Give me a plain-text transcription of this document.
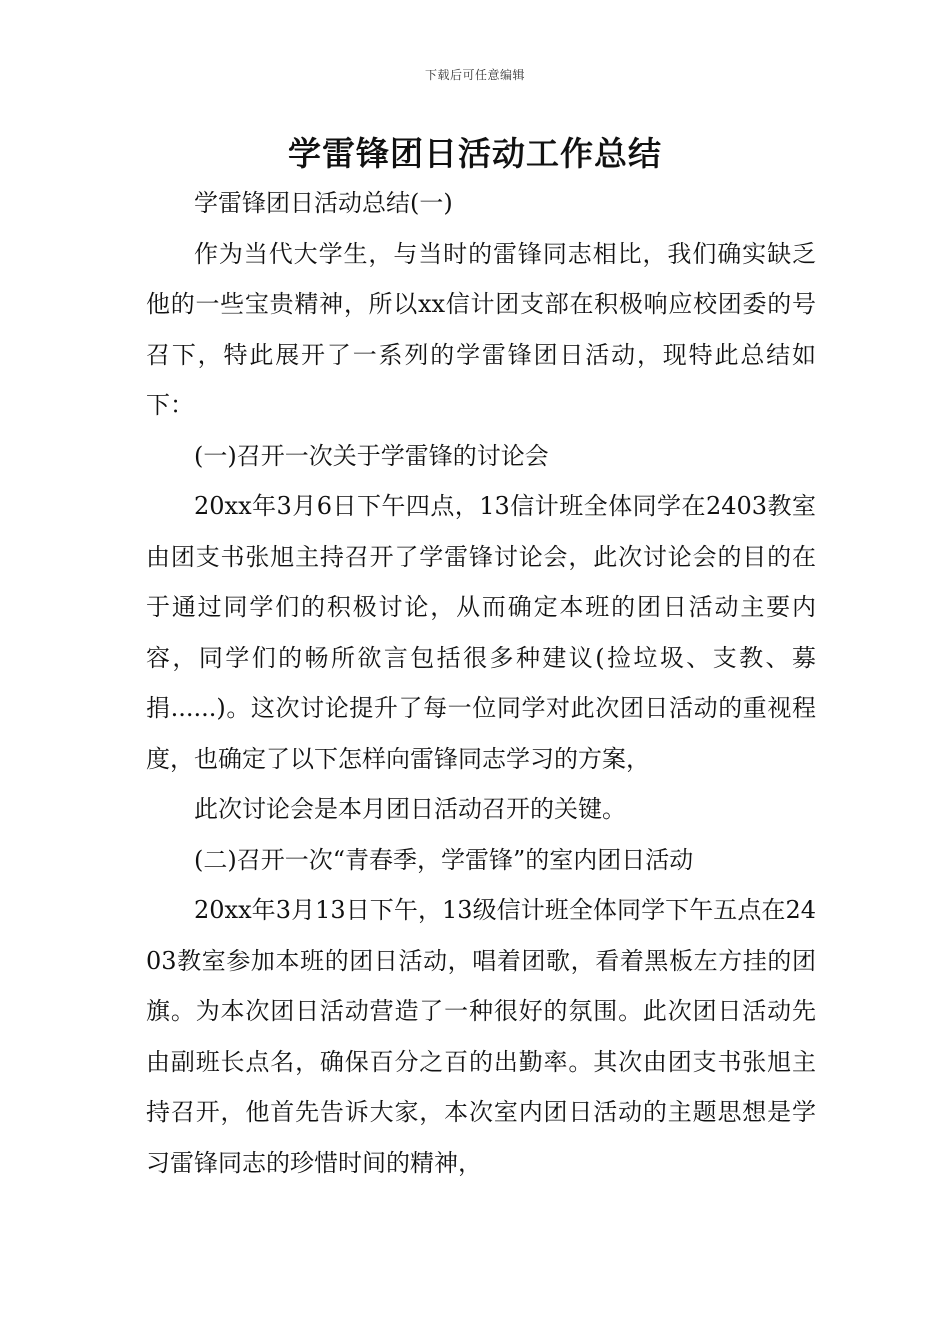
下载后可任意编辑
学雷锋团日活动工作总结

学雷锋团日活动总结(一)

作为当代大学生，与当时的雷锋同志相比，我们确实缺乏他的一些宝贵精神，所以xx信计团支部在积极响应校团委的号召下，特此展开了一系列的学雷锋团日活动，现特此总结如下：

(一)召开一次关于学雷锋的讨论会

20xx年3月6日下午四点，13信计班全体同学在2403教室由团支书张旭主持召开了学雷锋讨论会，此次讨论会的目的在于通过同学们的积极讨论，从而确定本班的团日活动主要内容，同学们的畅所欲言包括很多种建议(捡垃圾、支教、募捐......)。这次讨论提升了每一位同学对此次团日活动的重视程度，也确定了以下怎样向雷锋同志学习的方案，

此次讨论会是本月团日活动召开的关键。

(二)召开一次“青春季，学雷锋”的室内团日活动

20xx年3月13日下午，13级信计班全体同学下午五点在2403教室参加本班的团日活动，唱着团歌，看着黑板左方挂的团旗。为本次团日活动营造了一种很好的氛围。此次团日活动先由副班长点名，确保百分之百的出勤率。其次由团支书张旭主持召开，他首先告诉大家，本次室内团日活动的主题思想是学习雷锋同志的珍惜时间的精神，
